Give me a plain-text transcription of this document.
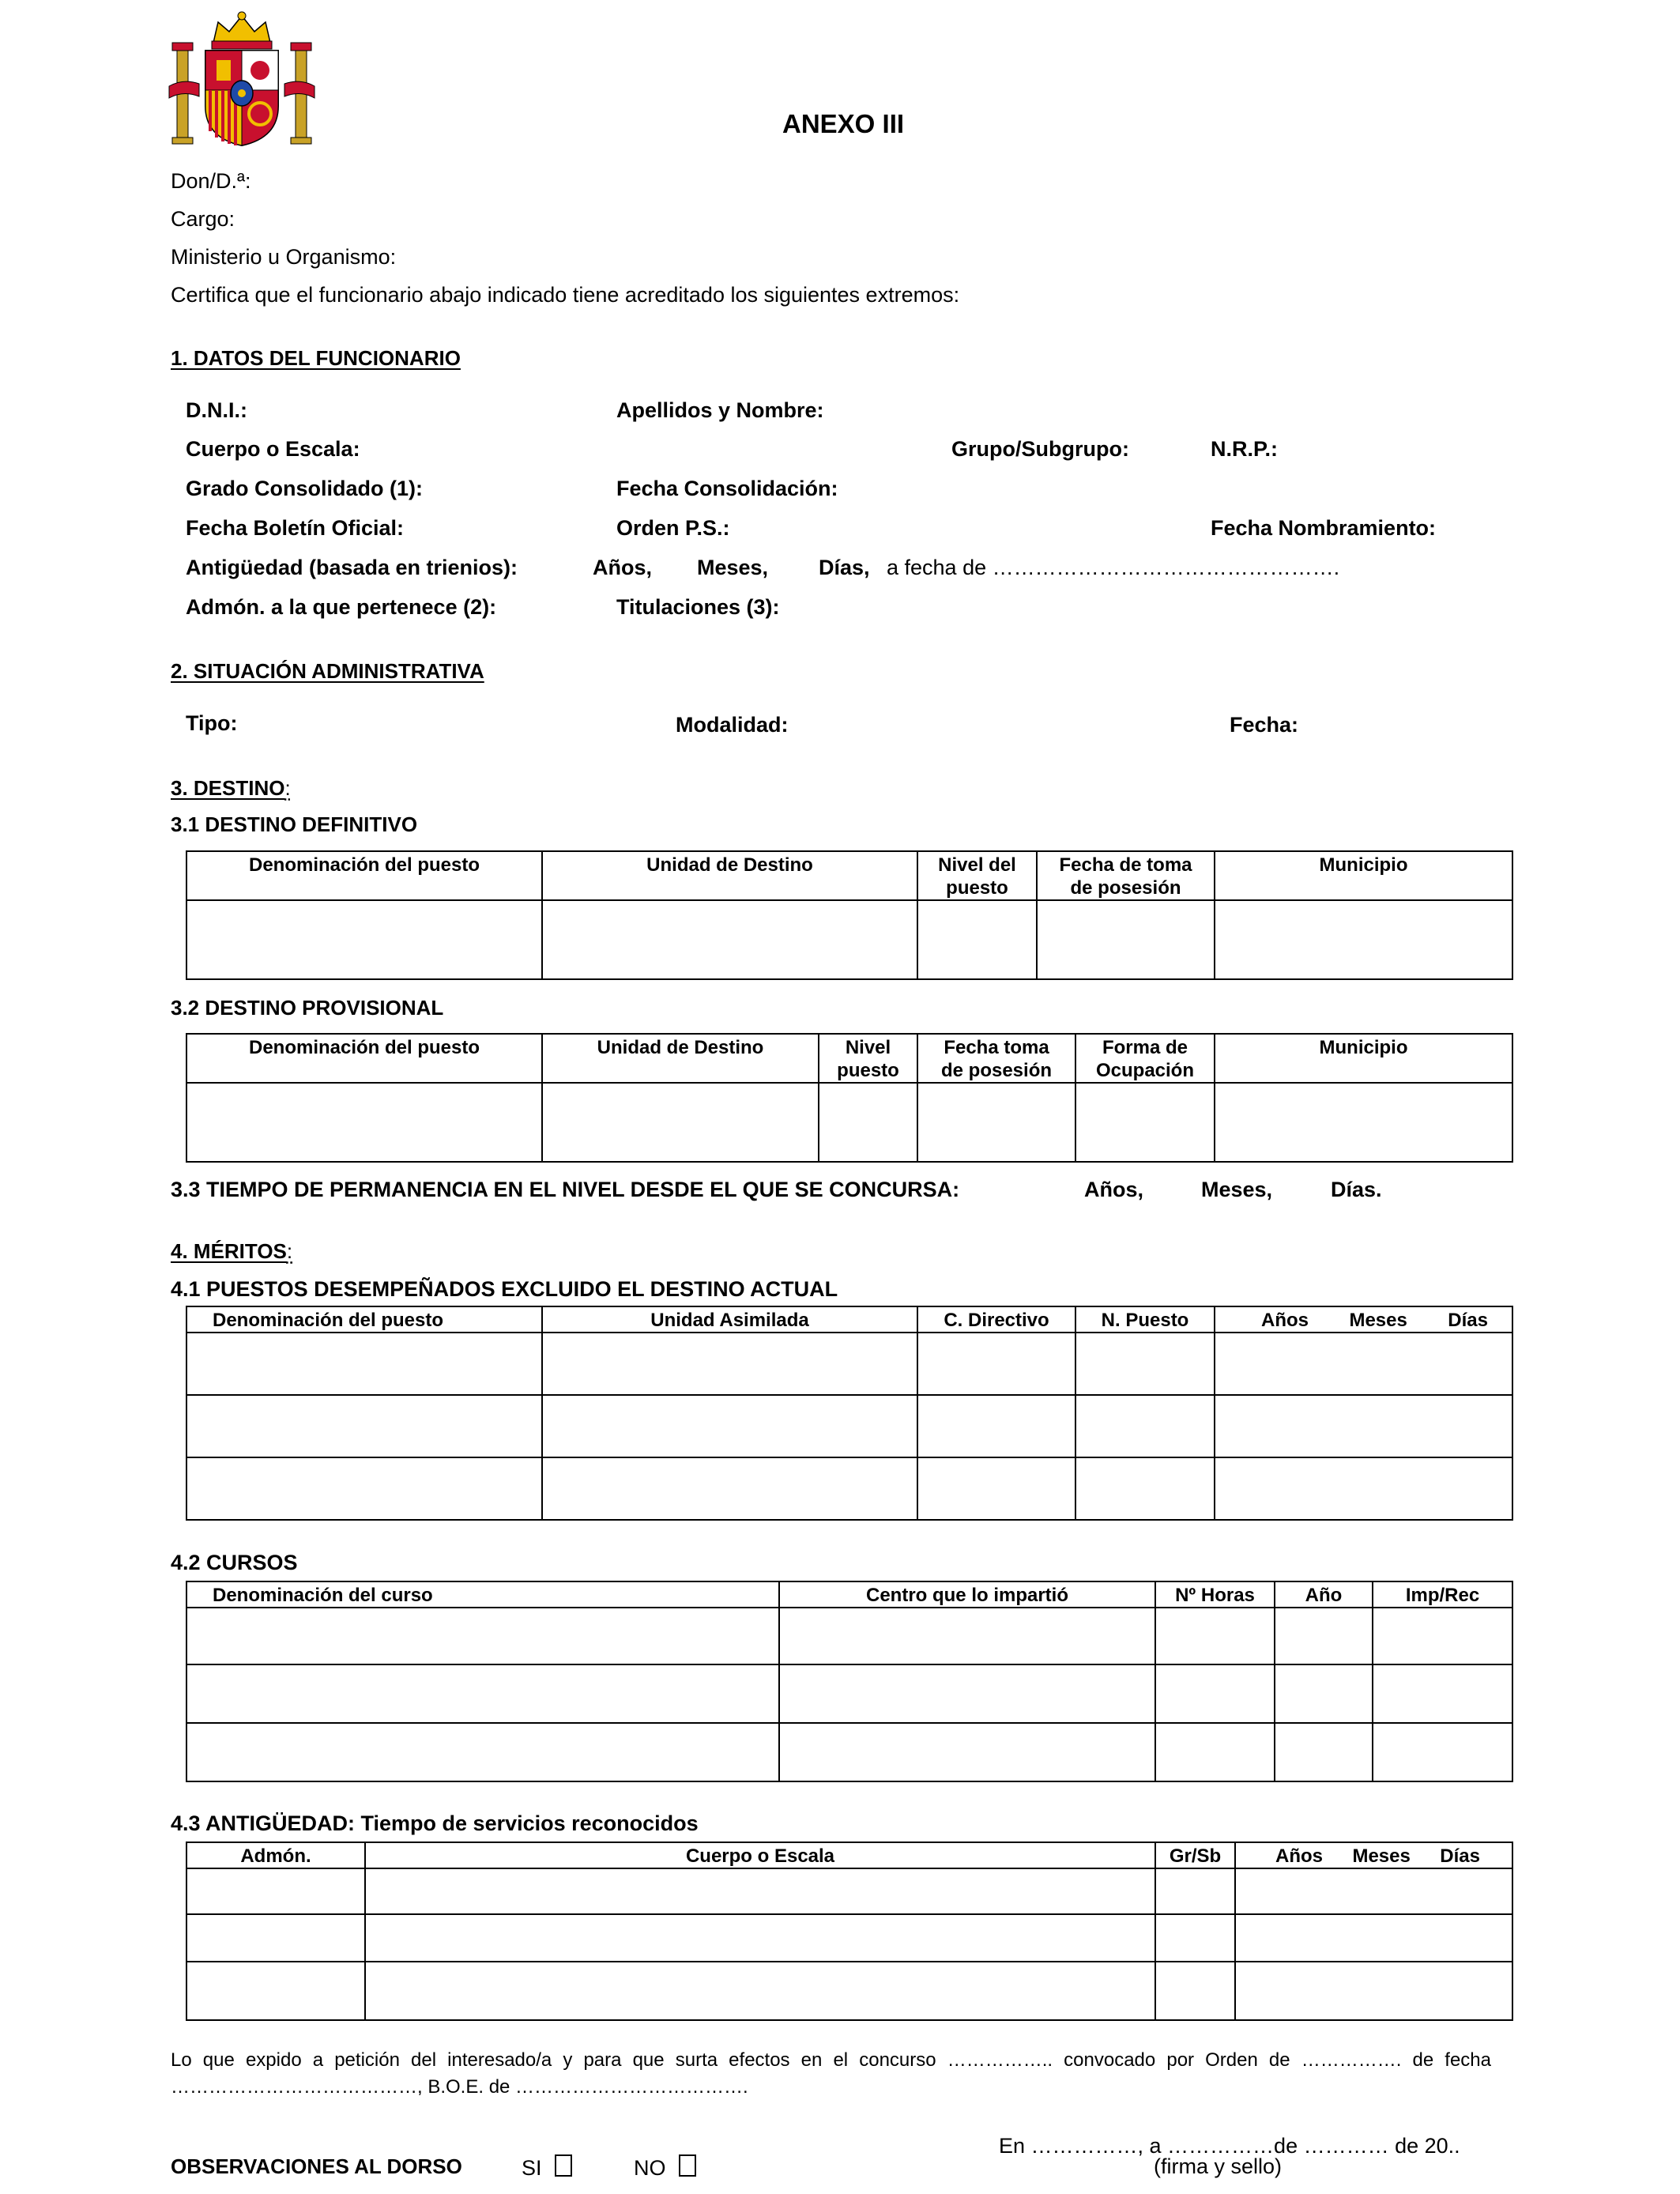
ANEXO III
Don/D.ª:
Cargo:
Ministerio u Organismo:
Certifica que el funcionario abajo indicado tiene acreditado los siguientes extremos:
1. DATOS DEL FUNCIONARIO
D.N.I.:	Apellidos y Nombre:
Cuerpo o Escala:	Grupo/Subgrupo:	N.R.P.:
Grado Consolidado (1):	Fecha Consolidación:
Fecha Boletín Oficial:	Orden P.S.:	Fecha Nombramiento:
Antigüedad (basada en trienios):	Años, Meses, Días, a fecha de ………………………………………….
Admón. a la que pertenece (2):	Titulaciones (3):
2. SITUACIÓN ADMINISTRATIVA
Tipo:	Modalidad:	Fecha:
3. DESTINO:
3.1 DESTINO DEFINITIVO
Denominación del puesto	Unidad de Destino	Nivel del puesto	Fecha de toma de posesión	Municipio

3.2 DESTINO PROVISIONAL
Denominación del puesto	Unidad de Destino	Nivel puesto	Fecha toma de posesión	Forma de Ocupación	Municipio

3.3 TIEMPO DE PERMANENCIA EN EL NIVEL DESDE EL QUE SE CONCURSA:	Años,	Meses,	Días.
4. MÉRITOS:
4.1 PUESTOS DESEMPEÑADOS EXCLUIDO EL DESTINO ACTUAL
Denominación del puesto	Unidad Asimilada	C. Directivo	N. Puesto	Años Meses Días

4.2 CURSOS
Denominación del curso	Centro que lo impartió	Nº Horas	Año	Imp/Rec

4.3 ANTIGÜEDAD: Tiempo de servicios reconocidos
Admón.	Cuerpo o Escala	Gr/Sb	Años Meses Días

Lo que expido a petición del interesado/a y para que surta efectos en el concurso …………….. convocado por Orden de ……………. de fecha …………………………………, B.O.E. de ……………………………….
En ……………, a ……………de ………… de 20..
OBSERVACIONES AL DORSO	SI	NO	(firma y sello)
